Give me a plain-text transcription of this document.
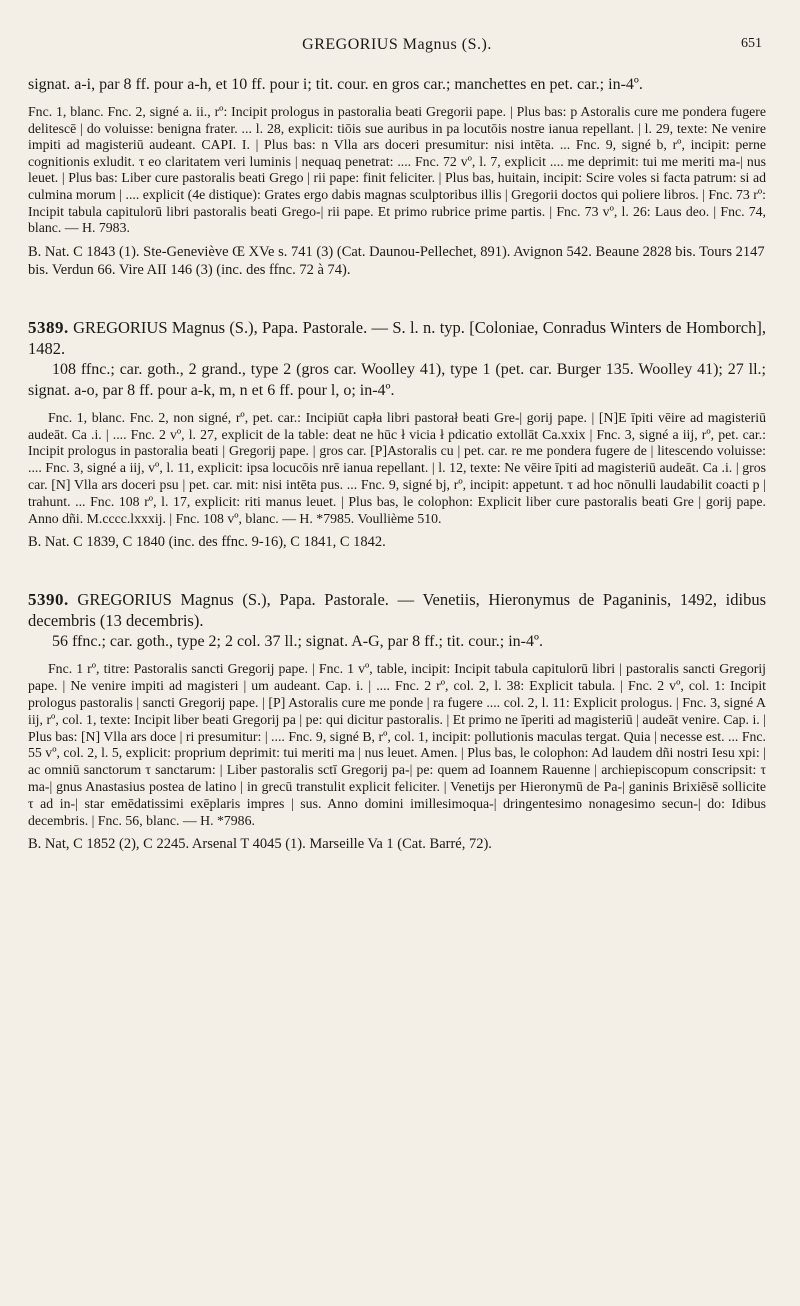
GREGORIUS Magnus (S.).	651

signat. a-i, par 8 ff. pour a-h, et 10 ff. pour i; tit. cour. en gros car.; manchettes en pet. car.; in-4º.

Fnc. 1, blanc. Fnc. 2, signé a. ii., rº: Incipit prologus in pastoralia beati Gregorii pape. | Plus bas: p Astoralis cure me pondera fugere delitescē | do voluisse: benigna frater. ... l. 28, explicit: tiōis sue auribus in pa locutōis nostre ianua repellant. | l. 29, texte: Ne venire impiti ad magisteriū audeant. CAPI. I. | Plus bas: n Vlla ars doceri presumitur: nisi intēta. ... Fnc. 9, signé b, rº, incipit: perne cognitionis exludit. τ eo claritatem veri luminis | nequaq penetrat: .... Fnc. 72 vº, l. 7, explicit .... me deprimit: tui me meriti ma-| nus leuet. | Plus bas: Liber cure pastoralis beati Grego | rii pape: finit feliciter. | Plus bas, huitain, incipit: Scire voles si facta patrum: si ad culmina morum | .... explicit (4e distique): Grates ergo dabis magnas sculptoribus illis | Gregorii doctos qui poliere libros. | Fnc. 73 rº: Incipit tabula capitulorū libri pastoralis beati Grego-| rii pape. Et primo rubrice prime partis. | Fnc. 73 vº, l. 26: Laus deo. | Fnc. 74, blanc. — H. 7983.

B. Nat. C 1843 (1). Ste-Geneviève Œ XVe s. 741 (3) (Cat. Daunou-Pellechet, 891). Avignon 542. Beaune 2828 bis. Tours 2147 bis. Verdun 66. Vire AII 146 (3) (inc. des ffnc. 72 à 74).

5389. GREGORIUS Magnus (S.), Papa. Pastorale. — S. l. n. typ. [Coloniae, Conradus Winters de Homborch], 1482.

108 ffnc.; car. goth., 2 grand., type 2 (gros car. Woolley 41), type 1 (pet. car. Burger 135. Woolley 41); 27 ll.; signat. a-o, par 8 ff. pour a-k, m, n et 6 ff. pour l, o; in-4º.

Fnc. 1, blanc. Fnc. 2, non signé, rº, pet. car.: Incipiūt capła libri pastorał beati Gre-| gorij pape. | [N]E īpiti vēire ad magisteriū audeāt. Ca .i. | .... Fnc. 2 vº, l. 27, explicit de la table: deat ne hūc ł vicia ł pdicatio extollāt Ca.xxix | Fnc. 3, signé a iij, rº, pet. car.: Incipit prologus in pastoralia beati | Gregorij pape. | gros car. [P]Astoralis cu | pet. car. re me pondera fugere de | litescendo voluisse: .... Fnc. 3, signé a iij, vº, l. 11, explicit: ipsa locucōis nrē ianua repellant. | l. 12, texte: Ne vēire īpiti ad magisteriū audeāt. Ca .i. | gros car. [N] Vlla ars doceri psu | pet. car. mit: nisi intēta pus. ... Fnc. 9, signé bj, rº, incipit: appetunt. τ ad hoc nōnulli laudabilit coacti p | trahunt. ... Fnc. 108 rº, l. 17, explicit: riti manus leuet. | Plus bas, le colophon: Explicit liber cure pastoralis beati Gre | gorij pape. Anno dñi. M.cccc.lxxxij. | Fnc. 108 vº, blanc. — H. *7985. Voullième 510.

B. Nat. C 1839, C 1840 (inc. des ffnc. 9-16), C 1841, C 1842.

5390. GREGORIUS Magnus (S.), Papa. Pastorale. — Venetiis, Hieronymus de Paganinis, 1492, idibus decembris (13 decembris).

56 ffnc.; car. goth., type 2; 2 col. 37 ll.; signat. A-G, par 8 ff.; tit. cour.; in-4º.

Fnc. 1 rº, titre: Pastoralis sancti Gregorij pape. | Fnc. 1 vº, table, incipit: Incipit tabula capitulorū libri | pastoralis sancti Gregorij pape. | Ne venire impiti ad magisteri | um audeant. Cap. i. | .... Fnc. 2 rº, col. 2, l. 38: Explicit tabula. | Fnc. 2 vº, col. 1: Incipit prologus pastoralis | sancti Gregorij pape. | [P] Astoralis cure me ponde | ra fugere .... col. 2, l. 11: Explicit prologus. | Fnc. 3, signé A iij, rº, col. 1, texte: Incipit liber beati Gregorij pa | pe: qui dicitur pastoralis. | Et primo ne īperiti ad magisteriū | audeāt venire. Cap. i. | Plus bas: [N] Vlla ars doce | ri presumitur: | .... Fnc. 9, signé B, rº, col. 1, incipit: pollutionis maculas tergat. Quia | necesse est. ... Fnc. 55 vº, col. 2, l. 5, explicit: proprium deprimit: tui meriti ma | nus leuet. Amen. | Plus bas, le colophon: Ad laudem dñi nostri Iesu xpi: | ac omniū sanctorum τ sanctarum: | Liber pastoralis sctī Gregorij pa-| pe: quem ad Ioannem Rauenne | archiepiscopum conscripsit: τ ma-| gnus Anastasius postea de latino | in grecū transtulit explicit feliciter. | Venetijs per Hieronymū de Pa-| ganinis Brixiēsē sollicite τ ad in-| star emēdatissimi exēplaris impres | sus. Anno domini imillesimoqua-| dringentesimo nonagesimo secun-| do: Idibus decembris. | Fnc. 56, blanc. — H. *7986.

B. Nat, C 1852 (2), C 2245. Arsenal T 4045 (1). Marseille Va 1 (Cat. Barré, 72).
